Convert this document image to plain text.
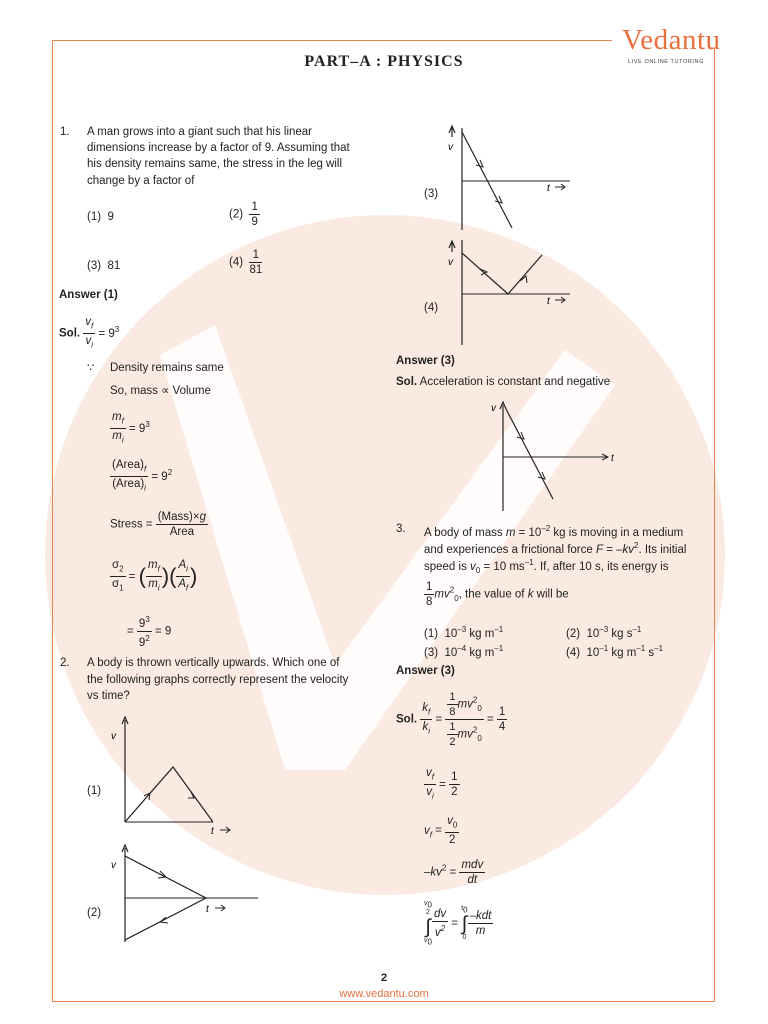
Vedantu
LIVE ONLINE TUTORING
PART–A : PHYSICS
1. A man grows into a giant such that his linear
dimensions increase by a factor of 9. Assuming that
his density remains same, the stress in the leg will
change by a factor of
(1) 9	$(2) \frac{1}{9}$
(3) 81	$(4) \frac{1}{81}$
Answer (1)
Sol. $\frac{v_f}{v_i} = 9^3$
∵ Density remains same
So, mass ∝ Volume
$\frac{m_f}{m_i} = 9^3$
$\frac{(Area)_f}{(Area)_i} = 9^2$
Stress = $\frac{\text{(Mass)×g}}{\text{Area}}$
$\frac{\sigma_2}{\sigma_1}$ = ( $\frac{m_f}{m_i}$ )( $\frac{A_i}{A_f}$ )
= $\frac{9^3}{9^2} = 9$
2. A body is thrown vertically upwards. Which one of
the following graphs correctly represent the velocity
vs time?
(1)
v
t
(2)
v
t
(3)
v
t
(4)
v
t
Answer (3)
Sol. Acceleration is constant and negative
v
t
3. A body of mass $m = 10^{-2}$ kg is moving in a medium
and experiences a frictional force $F = -kv^2$. Its initial
speed is $v_0 = 10$ $ms^{-1}$. If, after 10 s, its energy is
$\frac{1}{8} mv^2_0$, the value of k will be
(1) $10^{-3}$ kg $m^{-1}$	(2) $10^{-3}$ kg $s^{-1}$
(3) $10^{-4}$ kg $m^{-1}$	(4) $10^{-1}$ kg $m^{-1}$ $s^{-1}$
Answer (3)
Sol. $\frac{k_f}{k_i} = \frac{\frac{1}{8} mv^2_0}{\frac{1}{2} mv^2_0} = \frac{1}{4}$
$\frac{v_f}{v_i} = \frac{1}{2}$
$v_f = \frac{v_0}{2}$
$-kv^2 = \frac{\text{mdv}}{dt}$
$v_0$
2
∫
$v_0$
$\frac{dv}{v^2} = t_0$
∫
$0 \frac{\text{–kdt}}{m}$
2
www.vedantu.com
